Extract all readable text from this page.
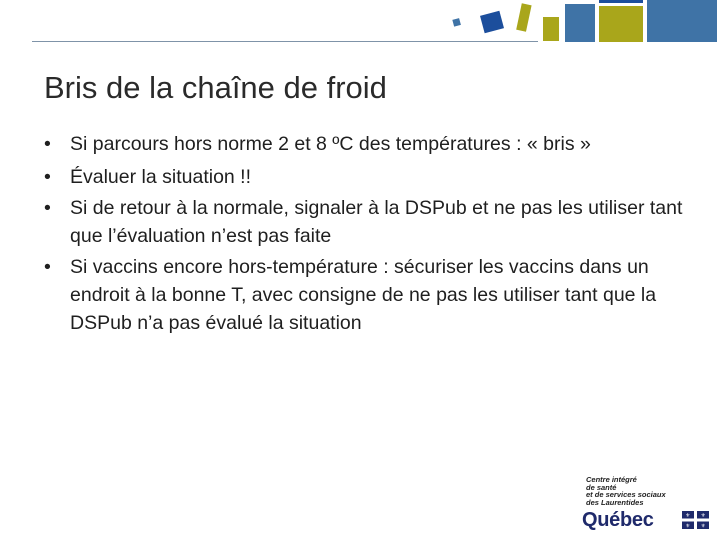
Bris de la chaîne de froid
• Si parcours hors norme 2 et 8 ºC des températures : « bris »
• Évaluer la situation !!
• Si de retour à la normale, signaler à la DSPub et ne pas les utiliser tant que l’évaluation n’est pas faite
• Si vaccins encore hors-température : sécuriser les vaccins dans un endroit à la bonne T, avec consigne de ne pas les utiliser tant que la DSPub n’a pas évalué la situation
Centre intégré
de santé
et de services sociaux
des Laurentides
Québec	⚜ ⚜
⚜ ⚜
